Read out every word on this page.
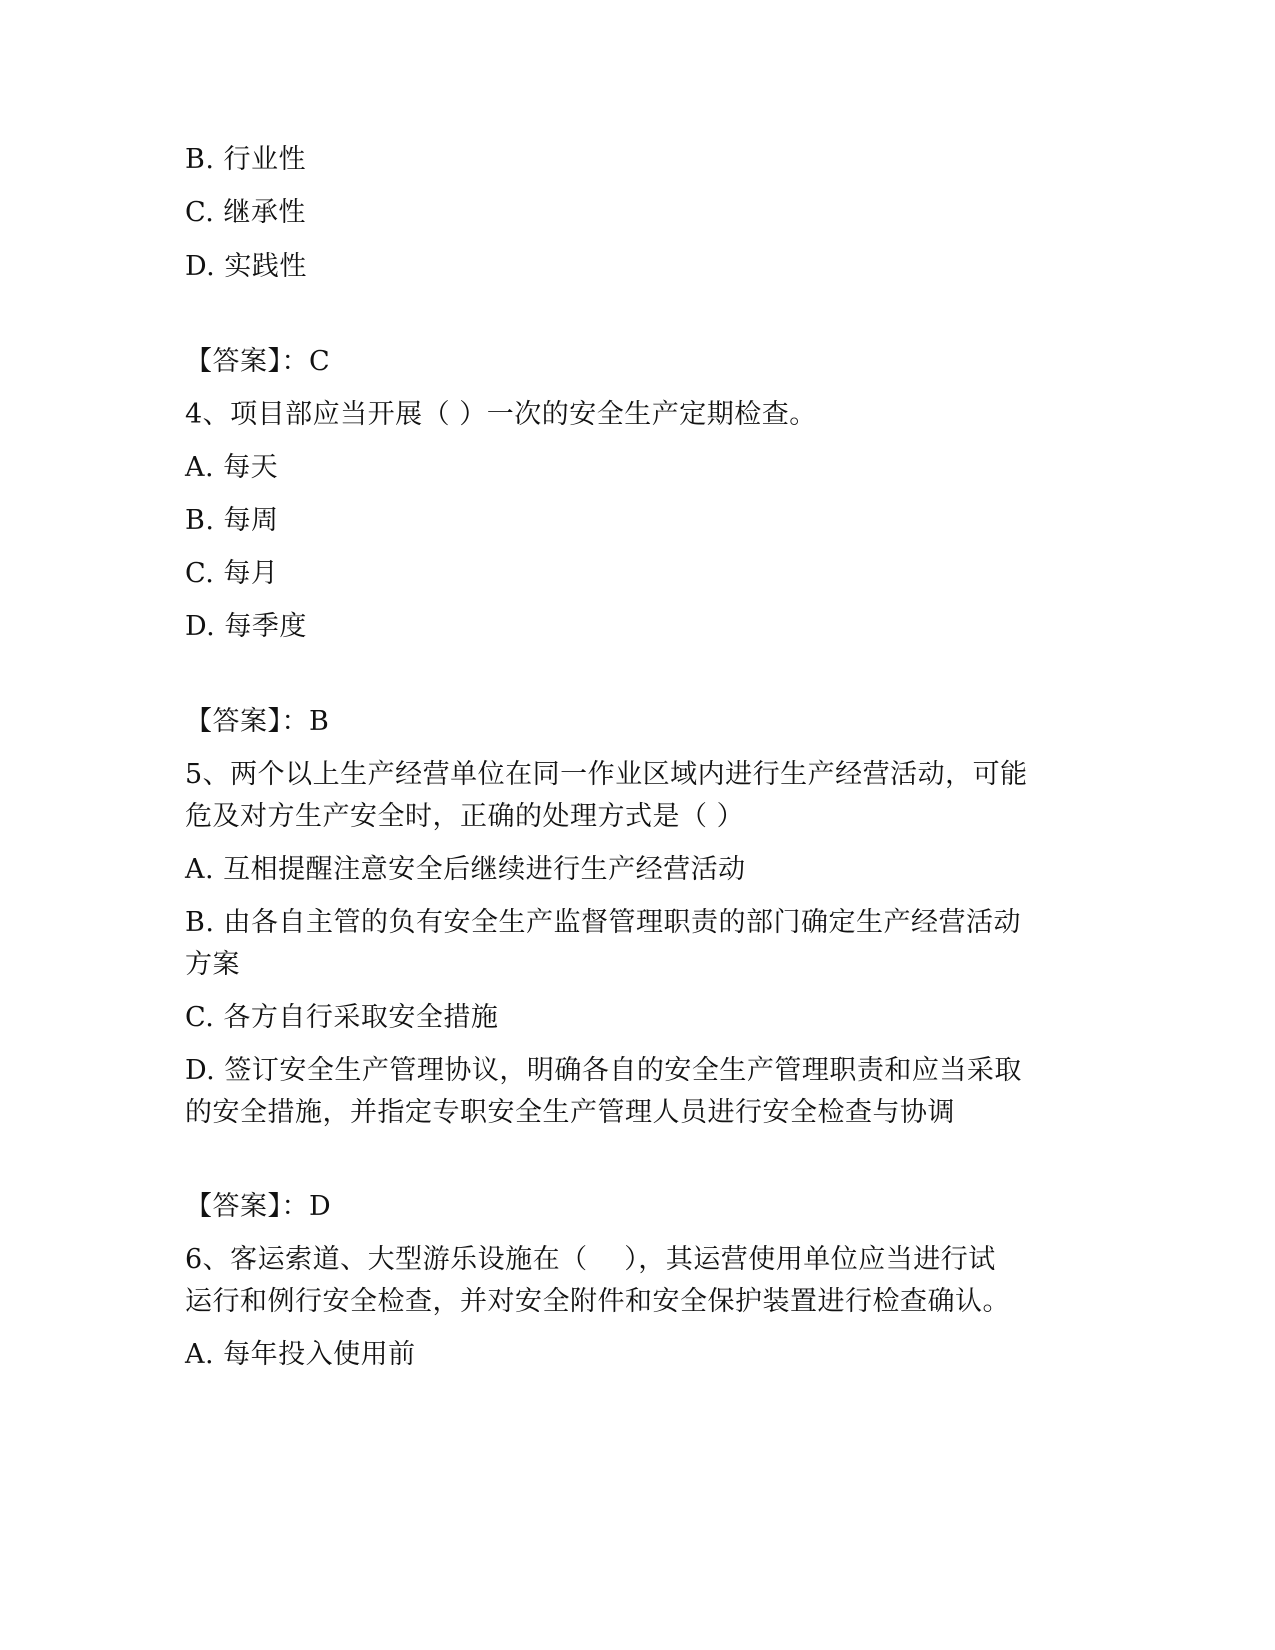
B. 行业性
C. 继承性
D. 实践性
【答案】：C
4、项目部应当开展（ ）一次的安全生产定期检查。
A. 每天
B. 每周
C. 每月
D. 每季度
【答案】：B
5、两个以上生产经营单位在同一作业区域内进行生产经营活动，可能
危及对方生产安全时，正确的处理方式是（ ）
A. 互相提醒注意安全后继续进行生产经营活动
B. 由各自主管的负有安全生产监督管理职责的部门确定生产经营活动
方案
C. 各方自行采取安全措施
D. 签订安全生产管理协议，明确各自的安全生产管理职责和应当采取
的安全措施，并指定专职安全生产管理人员进行安全检查与协调
【答案】：D
6、客运索道、大型游乐设施在（　 ），其运营使用单位应当进行试
运行和例行安全检查，并对安全附件和安全保护装置进行检查确认。
A. 每年投入使用前
